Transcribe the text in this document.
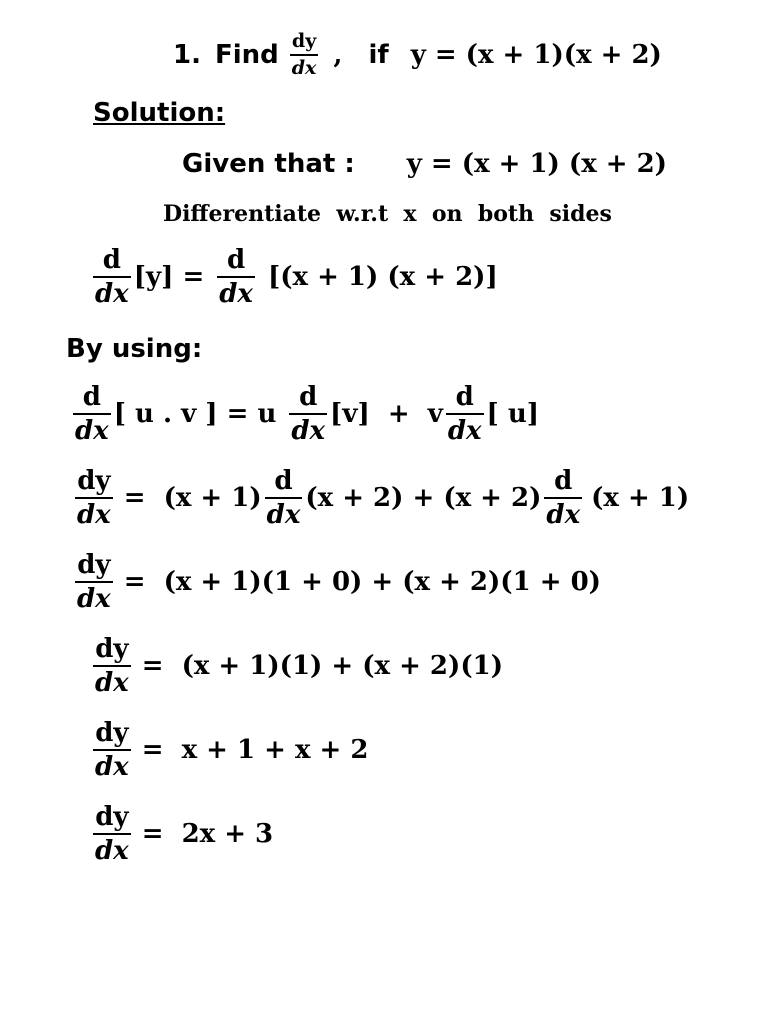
1. Find $\frac{dy}{dx}$ , if y = (x + 1)(x + 2)
Solution:
Given that : y = (x + 1) (x + 2)
Differentiate  w.r.t  x  on  both  sides
$\frac{d}{dx} [y] = \frac{d}{dx} [(x + 1) (x + 2)]$
By using:
$\frac{d}{dx}$ [ u . v ] = u $\frac{d}{dx} [v] + v \frac{d}{dx}$ [ u]
$\frac{dy}{dx} = (x + 1) \frac{d}{dx} (x + 2) + (x + 2) \frac{d}{dx} (x + 1)$
$\frac{dy}{dx} = (x + 1)(1 + 0) + (x + 2)(1 + 0)$
$\frac{dy}{dx} = (x + 1)(1) + (x + 2)(1)$
$\frac{dy}{dx} = x + 1 + x + 2$
$\frac{dy}{dx} = 2x + 3$
